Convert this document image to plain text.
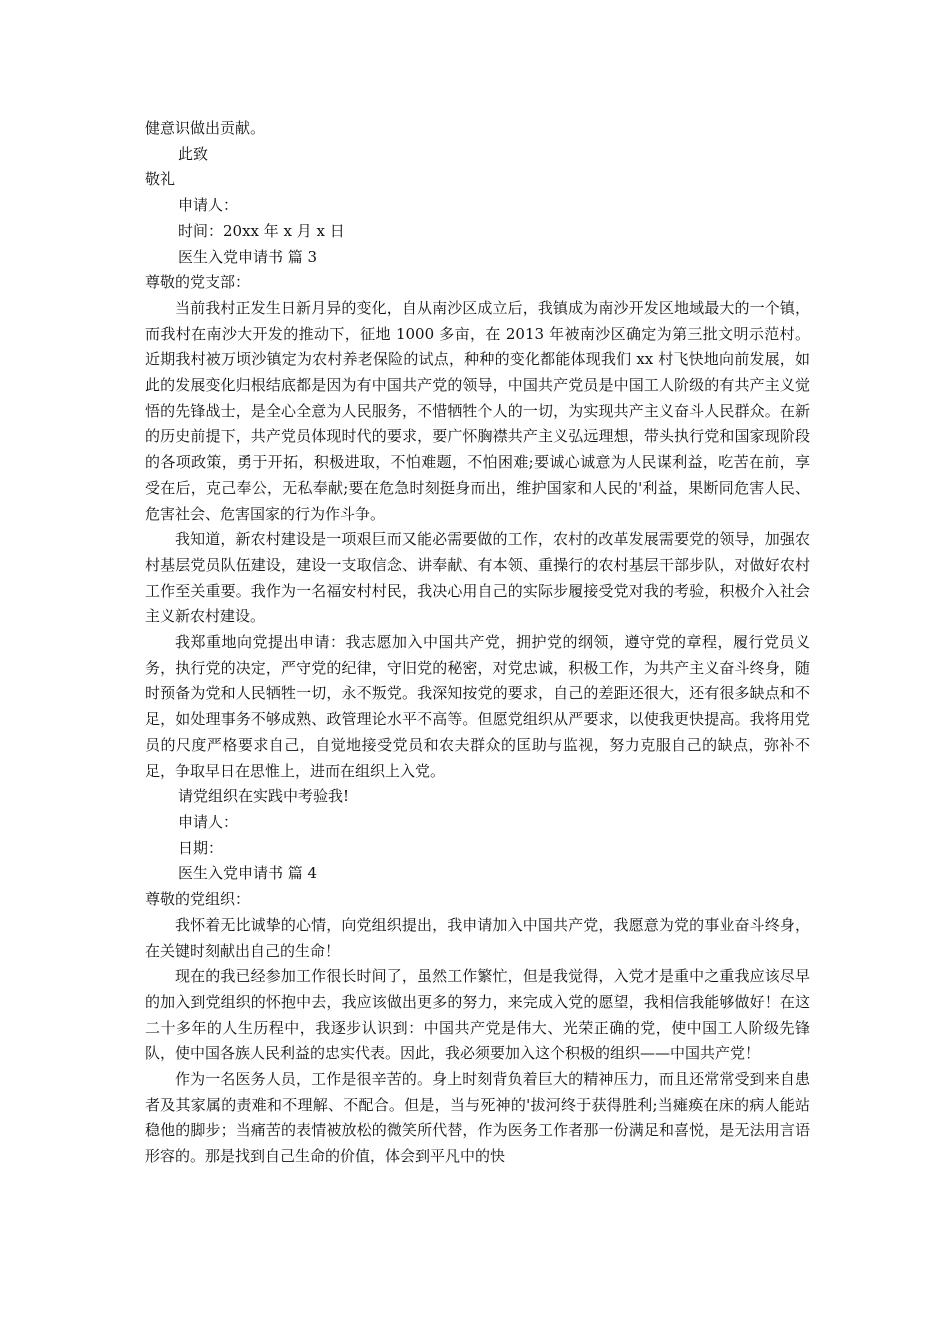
健意识做出贡献。

此致

敬礼

申请人：

时间：20xx 年 x 月 x 日

医生入党申请书 篇 3

尊敬的党支部：

当前我村正发生日新月异的变化，自从南沙区成立后，我镇成为南沙开发区地域最大的一个镇，而我村在南沙大开发的推动下，征地 1000 多亩，在 2013 年被南沙区确定为第三批文明示范村。近期我村被万顷沙镇定为农村养老保险的试点，种种的变化都能体现我们 xx 村飞快地向前发展，如此的发展变化归根结底都是因为有中国共产党的领导，中国共产党员是中国工人阶级的有共产主义觉悟的先锋战士，是全心全意为人民服务，不惜牺牲个人的一切，为实现共产主义奋斗人民群众。在新的历史前提下，共产党员体现时代的要求，要广怀胸襟共产主义弘远理想，带头执行党和国家现阶段的各项政策，勇于开拓，积极进取，不怕难题，不怕困难;要诚心诚意为人民谋利益，吃苦在前，享受在后，克己奉公，无私奉献;要在危急时刻挺身而出，维护国家和人民的'利益，果断同危害人民、危害社会、危害国家的行为作斗争。

我知道，新农村建设是一项艰巨而又能必需要做的工作，农村的改革发展需要党的领导，加强农村基层党员队伍建设，建设一支取信念、讲奉献、有本领、重操行的农村基层干部步队，对做好农村工作至关重要。我作为一名福安村村民，我决心用自己的实际步履接受党对我的考验，积极介入社会主义新农村建设。

我郑重地向党提出申请：我志愿加入中国共产党，拥护党的纲领，遵守党的章程，履行党员义务，执行党的决定，严守党的纪律，守旧党的秘密，对党忠诚，积极工作，为共产主义奋斗终身，随时预备为党和人民牺牲一切，永不叛党。我深知按党的要求，自己的差距还很大，还有很多缺点和不足，如处理事务不够成熟、政管理论水平不高等。但愿党组织从严要求，以使我更快提高。我将用党员的尺度严格要求自己，自觉地接受党员和农夫群众的匡助与监视，努力克服自己的缺点，弥补不足，争取早日在思惟上，进而在组织上入党。

请党组织在实践中考验我!

申请人：

日期：

医生入党申请书 篇 4

尊敬的党组织：

我怀着无比诚挚的心情，向党组织提出，我申请加入中国共产党，我愿意为党的事业奋斗终身，在关键时刻献出自己的生命！

现在的我已经参加工作很长时间了，虽然工作繁忙，但是我觉得，入党才是重中之重我应该尽早的加入到党组织的怀抱中去，我应该做出更多的努力，来完成入党的愿望，我相信我能够做好！在这二十多年的人生历程中，我逐步认识到：中国共产党是伟大、光荣正确的党，使中国工人阶级先锋队，使中国各族人民利益的忠实代表。因此，我必须要加入这个积极的组织——中国共产党！

作为一名医务人员，工作是很辛苦的。身上时刻背负着巨大的精神压力，而且还常常受到来自患者及其家属的责难和不理解、不配合。但是，当与死神的'拔河终于获得胜利;当瘫痪在床的病人能站稳他的脚步；当痛苦的表情被放松的微笑所代替，作为医务工作者那一份满足和喜悦，是无法用言语形容的。那是找到自己生命的价值，体会到平凡中的快
